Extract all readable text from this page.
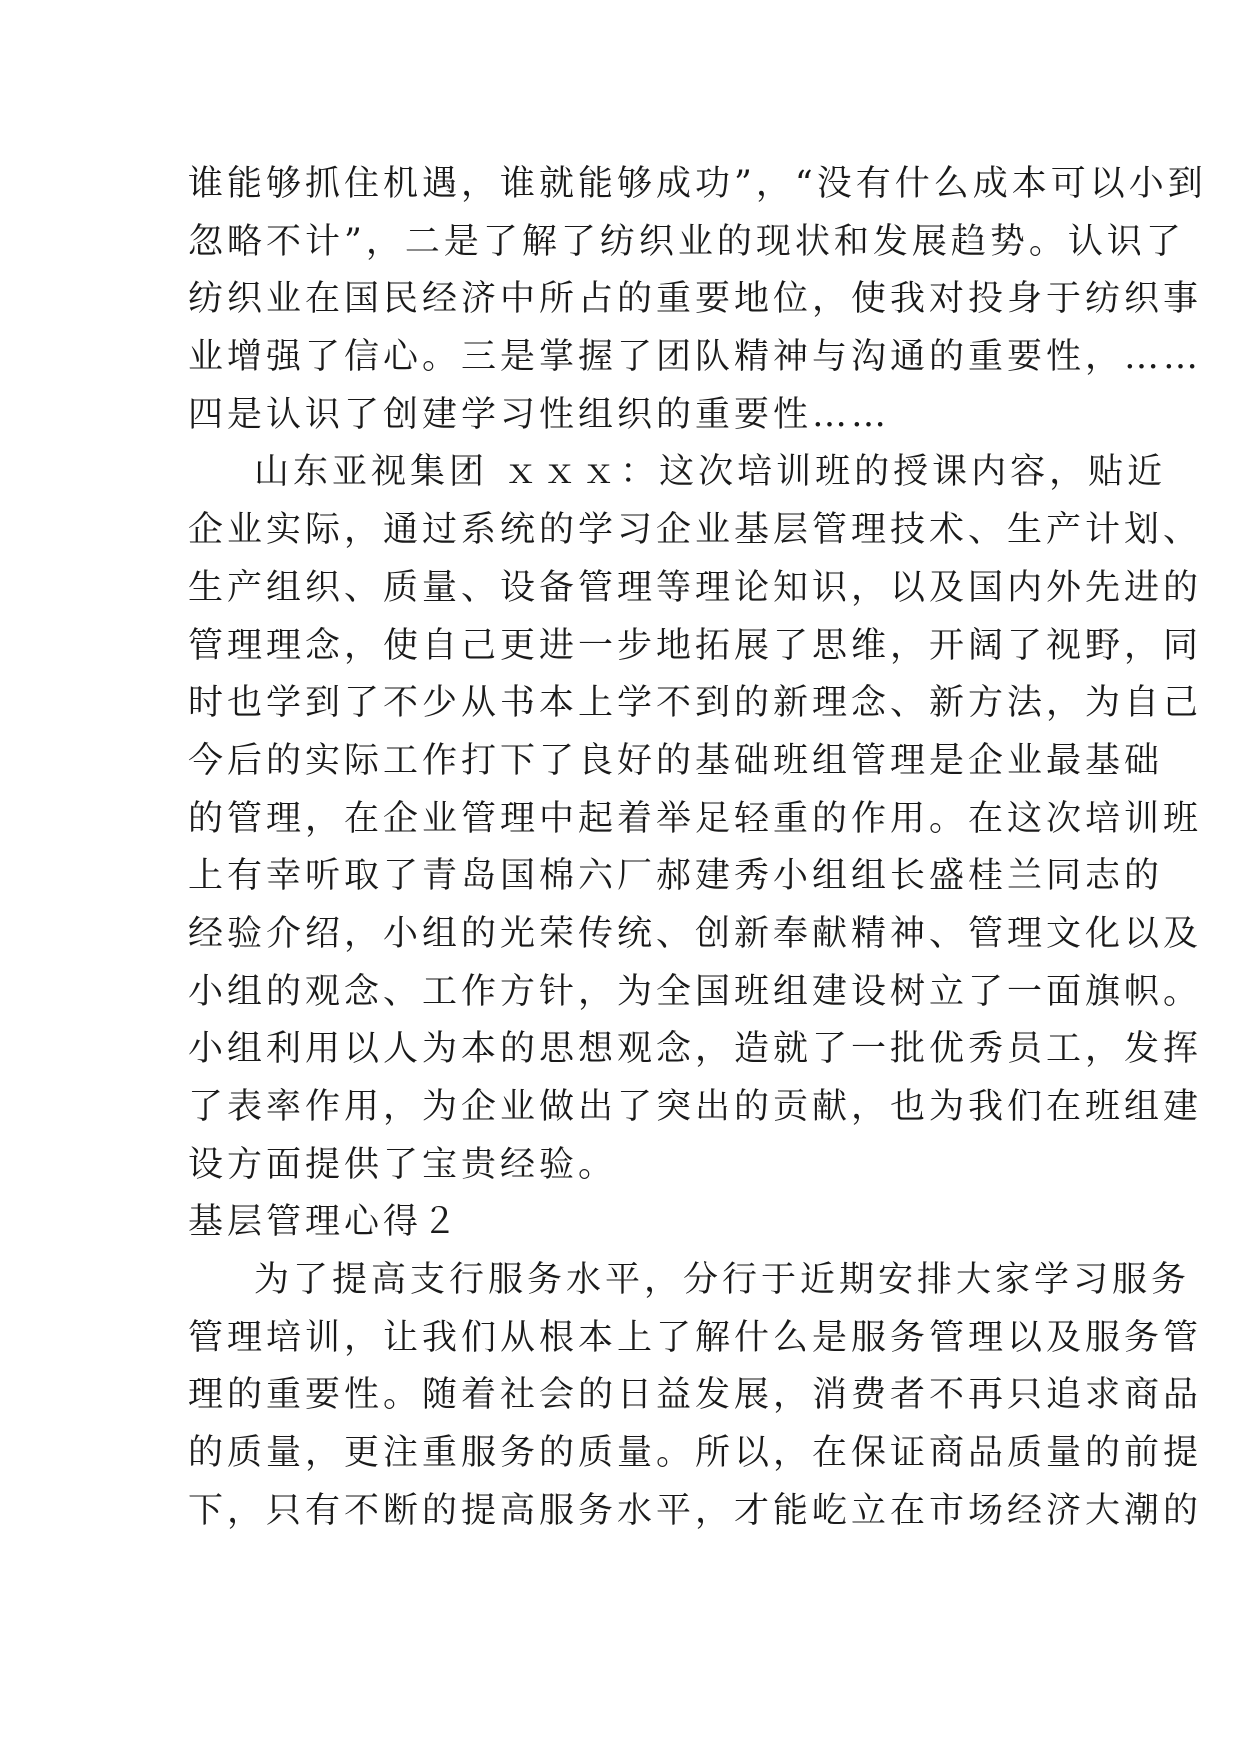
谁能够抓住机遇，谁就能够成功”，“没有什么成本可以小到
忽略不计”，二是了解了纺织业的现状和发展趋势。认识了
纺织业在国民经济中所占的重要地位，使我对投身于纺织事
业增强了信心。三是掌握了团队精神与沟通的重要性，……
四是认识了创建学习性组织的重要性……
山东亚视集团 ｘｘｘ：这次培训班的授课内容，贴近
企业实际，通过系统的学习企业基层管理技术、生产计划、
生产组织、质量、设备管理等理论知识，以及国内外先进的
管理理念，使自己更进一步地拓展了思维，开阔了视野，同
时也学到了不少从书本上学不到的新理念、新方法，为自己
今后的实际工作打下了良好的基础班组管理是企业最基础
的管理，在企业管理中起着举足轻重的作用。在这次培训班
上有幸听取了青岛国棉六厂郝建秀小组组长盛桂兰同志的
经验介绍，小组的光荣传统、创新奉献精神、管理文化以及
小组的观念、工作方针，为全国班组建设树立了一面旗帜。
小组利用以人为本的思想观念，造就了一批优秀员工，发挥
了表率作用，为企业做出了突出的贡献，也为我们在班组建
设方面提供了宝贵经验。
基层管理心得２
为了提高支行服务水平，分行于近期安排大家学习服务
管理培训，让我们从根本上了解什么是服务管理以及服务管
理的重要性。随着社会的日益发展，消费者不再只追求商品
的质量，更注重服务的质量。所以，在保证商品质量的前提
下，只有不断的提高服务水平，才能屹立在市场经济大潮的
